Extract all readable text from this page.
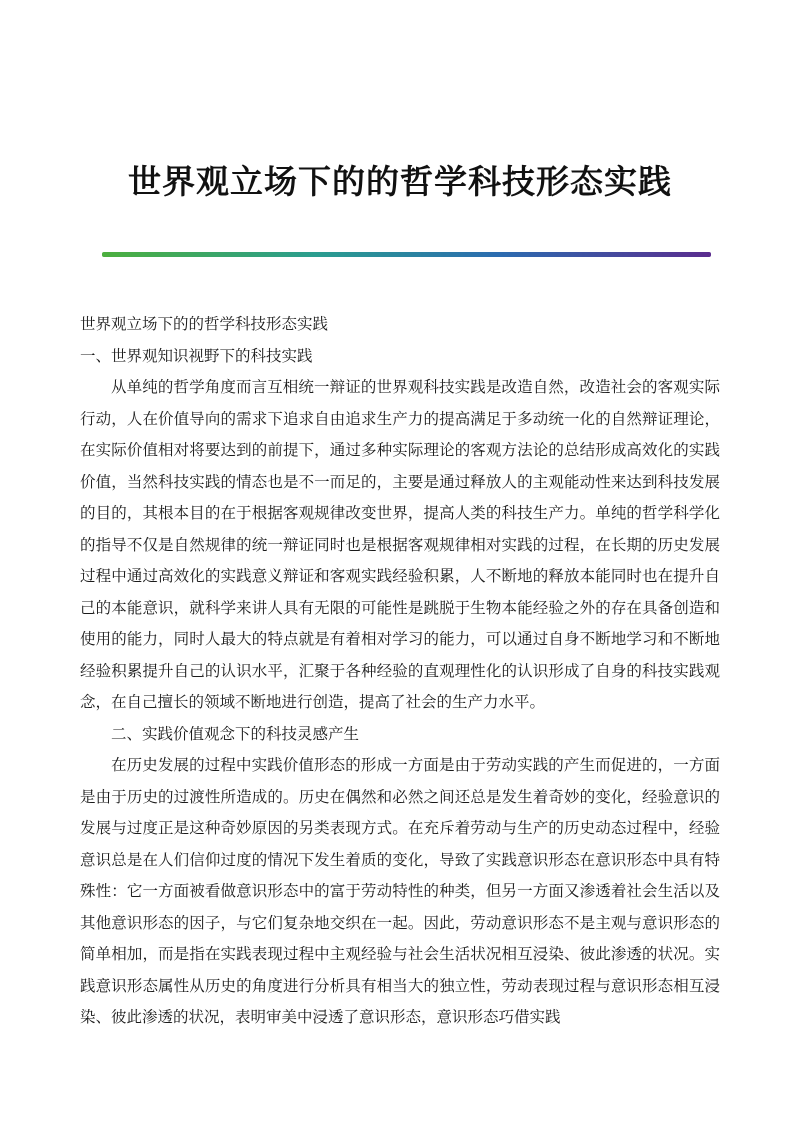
世界观立场下的的哲学科技形态实践

世界观立场下的的哲学科技形态实践

一、世界观知识视野下的科技实践

从单纯的哲学角度而言互相统一辩证的世界观科技实践是改造自然，改造社会的客观实际行动，人在价值导向的需求下追求自由追求生产力的提高满足于多动统一化的自然辩证理论，在实际价值相对将要达到的前提下，通过多种实际理论的客观方法论的总结形成高效化的实践价值，当然科技实践的情态也是不一而足的，主要是通过释放人的主观能动性来达到科技发展的目的，其根本目的在于根据客观规律改变世界，提高人类的科技生产力。单纯的哲学科学化的指导不仅是自然规律的统一辩证同时也是根据客观规律相对实践的过程，在长期的历史发展过程中通过高效化的实践意义辩证和客观实践经验积累，人不断地的释放本能同时也在提升自己的本能意识，就科学来讲人具有无限的可能性是跳脱于生物本能经验之外的存在具备创造和使用的能力，同时人最大的特点就是有着相对学习的能力，可以通过自身不断地学习和不断地经验积累提升自己的认识水平，汇聚于各种经验的直观理性化的认识形成了自身的科技实践观念，在自己擅长的领域不断地进行创造，提高了社会的生产力水平。

二、实践价值观念下的科技灵感产生

在历史发展的过程中实践价值形态的形成一方面是由于劳动实践的产生而促进的，一方面是由于历史的过渡性所造成的。历史在偶然和必然之间还总是发生着奇妙的变化，经验意识的发展与过度正是这种奇妙原因的另类表现方式。在充斥着劳动与生产的历史动态过程中，经验意识总是在人们信仰过度的情况下发生着质的变化，导致了实践意识形态在意识形态中具有特殊性：它一方面被看做意识形态中的富于劳动特性的种类，但另一方面又渗透着社会生活以及其他意识形态的因子，与它们复杂地交织在一起。因此，劳动意识形态不是主观与意识形态的简单相加，而是指在实践表现过程中主观经验与社会生活状况相互浸染、彼此渗透的状况。实践意识形态属性从历史的角度进行分析具有相当大的独立性，劳动表现过程与意识形态相互浸染、彼此渗透的状况，表明审美中浸透了意识形态，意识形态巧借实践
